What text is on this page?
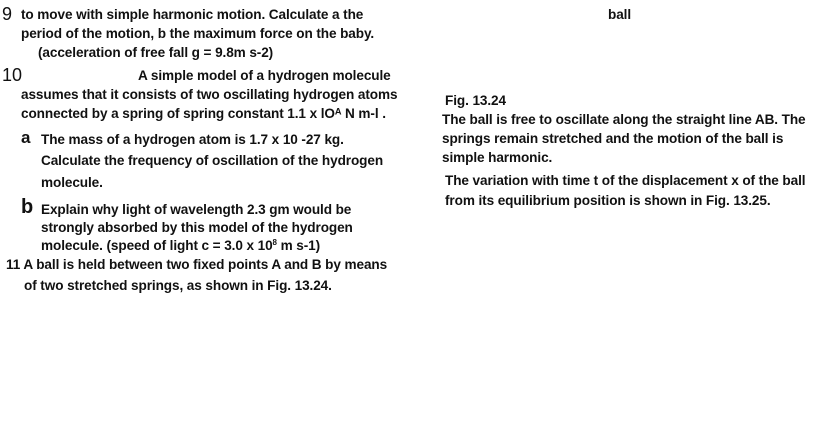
9 to move with simple harmonic motion. Calculate a the
period of the motion, b the maximum force on the baby.
(acceleration of free fall g = 9.8m s-2)
10	A simple model of a hydrogen molecule
assumes that it consists of two oscillating hydrogen atoms
connected by a spring of spring constant 1.1 x lOᴬ N m-l .
a The mass of a hydrogen atom is 1.7 x 10 -27 kg.
Calculate the frequency of oscillation of the hydrogen
molecule.
b Explain why light of wavelength 2.3 gm would be
strongly absorbed by this model of the hydrogen
molecule. (speed of light c = 3.0 x $10^8$ m s-1)
11 A ball is held between two fixed points A and B by means
of two stretched springs, as shown in Fig. 13.24.
ball
Fig. 13.24
The ball is free to oscillate along the straight line AB. The
springs remain stretched and the motion of the ball is
simple harmonic.
The variation with time t of the displacement x of the ball
from its equilibrium position is shown in Fig. 13.25.
